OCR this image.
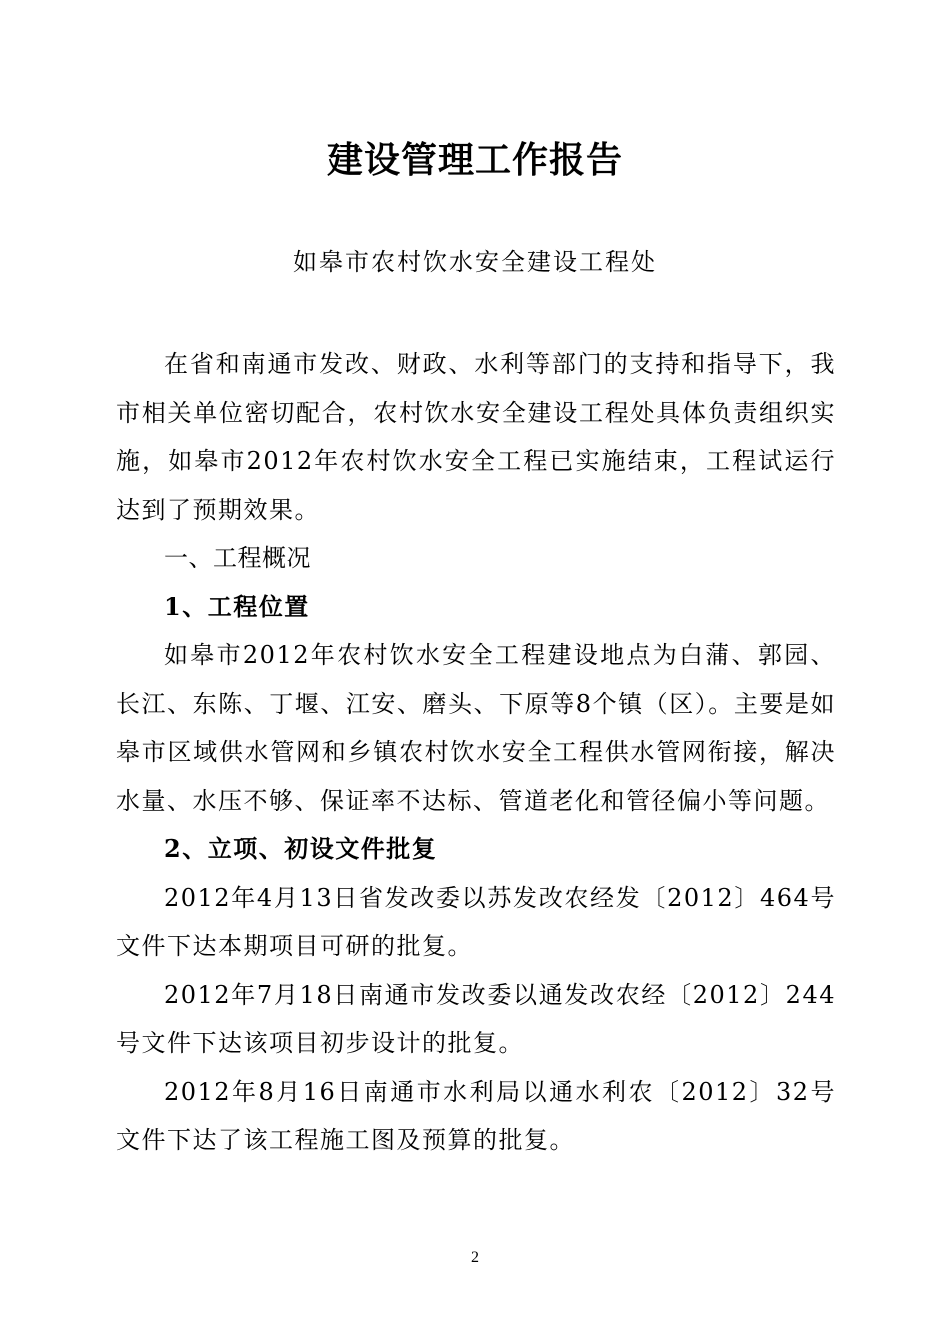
建设管理工作报告
如皋市农村饮水安全建设工程处

在省和南通市发改、财政、水利等部门的支持和指导下，我市相关单位密切配合，农村饮水安全建设工程处具体负责组织实施，如皋市2012年农村饮水安全工程已实施结束，工程试运行达到了预期效果。

一、工程概况

1、工程位置

如皋市2012年农村饮水安全工程建设地点为白蒲、郭园、长江、东陈、丁堰、江安、磨头、下原等8个镇（区）。主要是如皋市区域供水管网和乡镇农村饮水安全工程供水管网衔接，解决水量、水压不够、保证率不达标、管道老化和管径偏小等问题。

2、立项、初设文件批复

2012年4月13日省发改委以苏发改农经发〔2012〕464号文件下达本期项目可研的批复。

2012年7月18日南通市发改委以通发改农经〔2012〕244号文件下达该项目初步设计的批复。

2012年8月16日南通市水利局以通水利农〔2012〕32号文件下达了该工程施工图及预算的批复。

2
